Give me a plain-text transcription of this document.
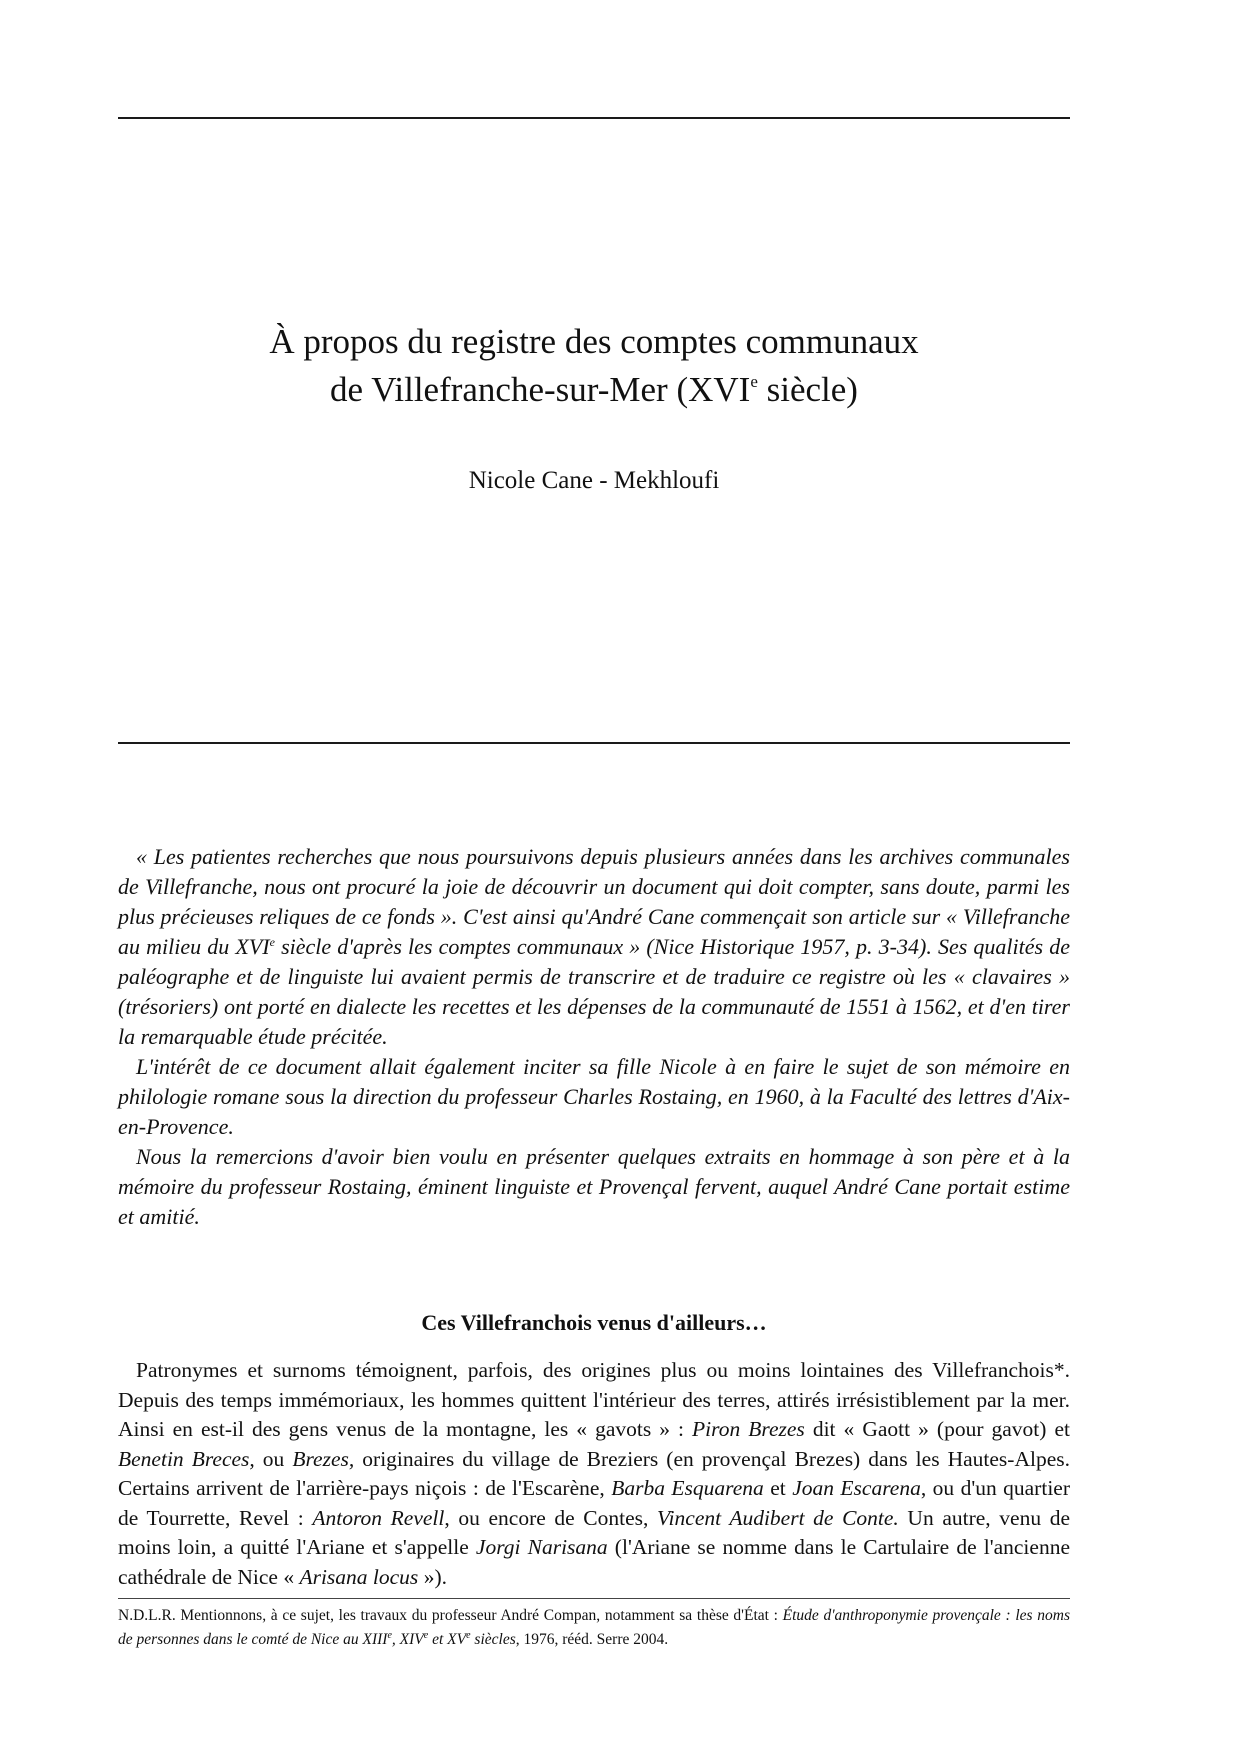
À propos du registre des comptes communaux
de Villefranche-sur-Mer (XVIe siècle)

Nicole Cane - Mekhloufi

« Les patientes recherches que nous poursuivons depuis plusieurs années dans les archives communales de Villefranche, nous ont procuré la joie de découvrir un document qui doit compter, sans doute, parmi les plus précieuses reliques de ce fonds ». C'est ainsi qu'André Cane commençait son article sur « Villefranche au milieu du XVIe siècle d'après les comptes communaux » (Nice Historique 1957, p. 3-34). Ses qualités de paléographe et de linguiste lui avaient permis de transcrire et de traduire ce registre où les « clavaires » (trésoriers) ont porté en dialecte les recettes et les dépenses de la communauté de 1551 à 1562, et d'en tirer la remarquable étude précitée.

L'intérêt de ce document allait également inciter sa fille Nicole à en faire le sujet de son mémoire en philologie romane sous la direction du professeur Charles Rostaing, en 1960, à la Faculté des lettres d'Aix-en-Provence.

Nous la remercions d'avoir bien voulu en présenter quelques extraits en hommage à son père et à la mémoire du professeur Rostaing, éminent linguiste et Provençal fervent, auquel André Cane portait estime et amitié.

Ces Villefranchois venus d'ailleurs…

Patronymes et surnoms témoignent, parfois, des origines plus ou moins lointaines des Villefranchois*. Depuis des temps immémoriaux, les hommes quittent l'intérieur des terres, attirés irrésistiblement par la mer. Ainsi en est-il des gens venus de la montagne, les « gavots » : Piron Brezes dit « Gaott » (pour gavot) et Benetin Breces, ou Brezes, originaires du village de Breziers (en provençal Brezes) dans les Hautes-Alpes. Certains arrivent de l'arrière-pays niçois : de l'Escarène, Barba Esquarena et Joan Escarena, ou d'un quartier de Tourrette, Revel : Antoron Revell, ou encore de Contes, Vincent Audibert de Conte. Un autre, venu de moins loin, a quitté l'Ariane et s'appelle Jorgi Narisana (l'Ariane se nomme dans le Cartulaire de l'ancienne cathédrale de Nice « Arisana locus »).

N.D.L.R. Mentionnons, à ce sujet, les travaux du professeur André Compan, notamment sa thèse d'État : Étude d'anthroponymie provençale : les noms de personnes dans le comté de Nice au XIIIe, XIVe et XVe siècles, 1976, rééd. Serre 2004.
